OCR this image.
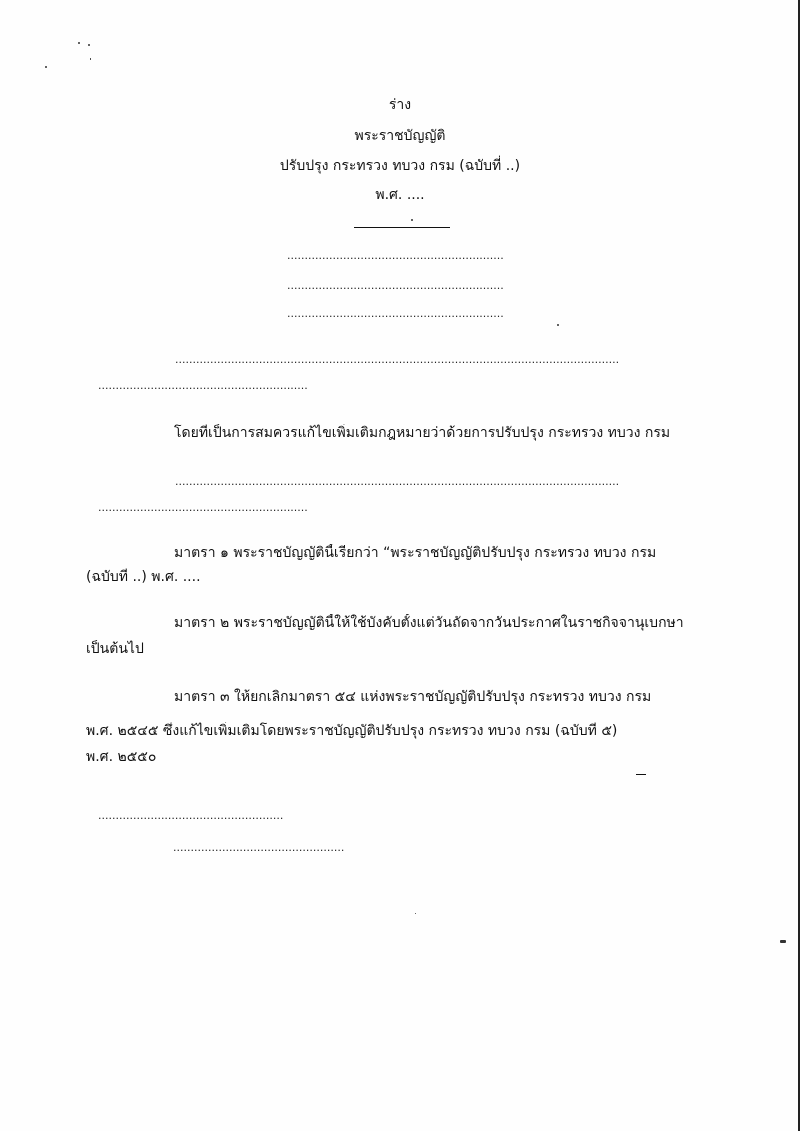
ร่าง
พระราชบัญญัติ
ปรับปรุง กระทรวง ทบวง กรม (ฉบับที่ ..)
พ.ศ. ....
..............................................................
..............................................................
..............................................................
...............................................................................................................................
............................................................
โดยที่เป็นการสมควรแก้ไขเพิ่มเติมกฎหมายว่าด้วยการปรับปรุง กระทรวง ทบวง กรม
...............................................................................................................................
............................................................
มาตรา ๑ พระราชบัญญัตินี้เรียกว่า “พระราชบัญญัติปรับปรุง กระทรวง ทบวง กรม
(ฉบับที่ ..) พ.ศ. ....
มาตรา ๒ พระราชบัญญัตินี้ให้ใช้บังคับตั้งแต่วันถัดจากวันประกาศในราชกิจจานุเบกษา
เป็นต้นไป
มาตรา ๓ ให้ยกเลิกมาตรา ๕๔ แห่งพระราชบัญญัติปรับปรุง กระทรวง ทบวง กรม
พ.ศ. ๒๕๔๕ ซึ่งแก้ไขเพิ่มเติมโดยพระราชบัญญัติปรับปรุง กระทรวง ทบวง กรม (ฉบับที่ ๕)
พ.ศ. ๒๕๕๐
.....................................................
.................................................
